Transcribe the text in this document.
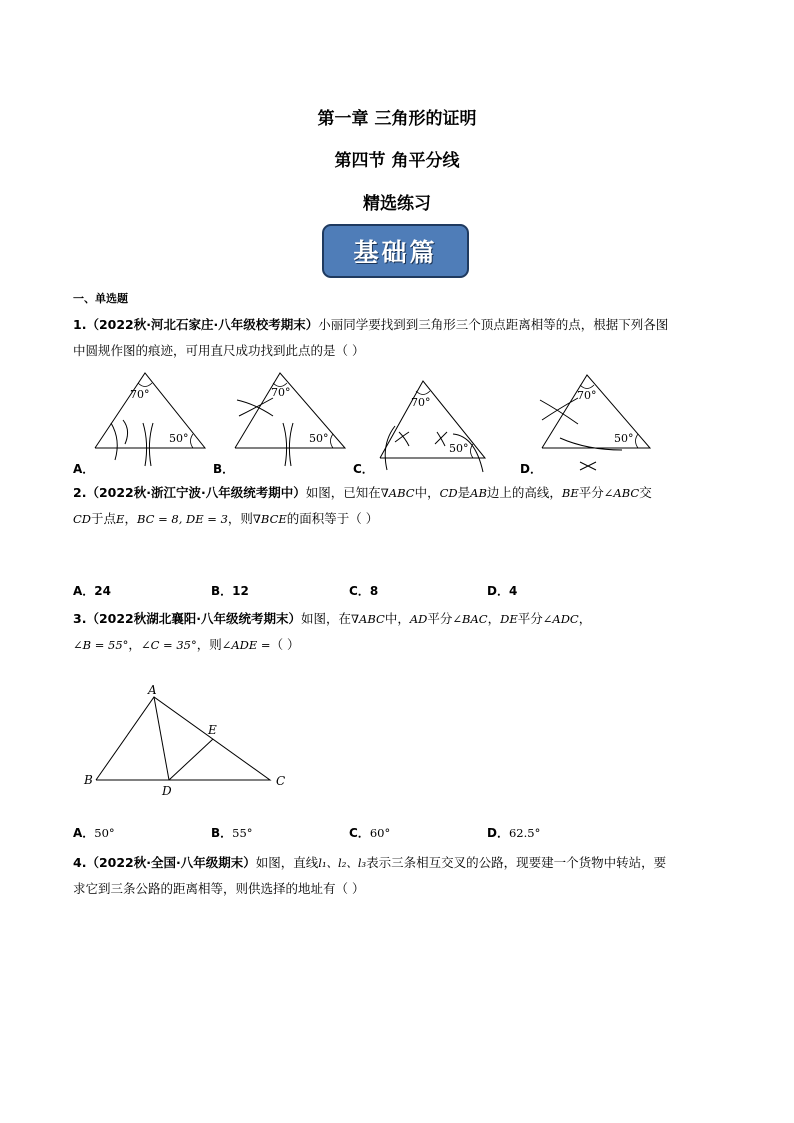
第一章 三角形的证明
第四节 角平分线
精选练习
基础篇
一、单选题
1.（2022秋·河北石家庄·八年级校考期末）小丽同学要找到到三角形三个顶点距离相等的点，根据下列各图
中圆规作图的痕迹，可用直尺成功找到此点的是（ ）
70°
50°
70°
50°
70°
50°
70°
50°
A．	B．	C．	D．
2.（2022秋·浙江宁波·八年级统考期中）如图，已知在∇ABC中，CD是AB边上的高线，BE平分∠ABC交
CD于点E，BC = 8, DE = 3，则∇BCE的面积等于（ ）
A．24	B．12	C．8	D．4
3.（2022秋湖北襄阳·八年级统考期末）如图，在∇ABC中，AD平分∠BAC，DE平分∠ADC，
∠B = 55°，∠C = 35°，则∠ADE =（ ）
A
B	C
D
E
A．50°	B．55°	C．60°	D．62.5°
4.（2022秋·全国·八年级期末）如图，直线l₁、l₂、l₃表示三条相互交叉的公路，现要建一个货物中转站，要
求它到三条公路的距离相等，则供选择的地址有（ ）
